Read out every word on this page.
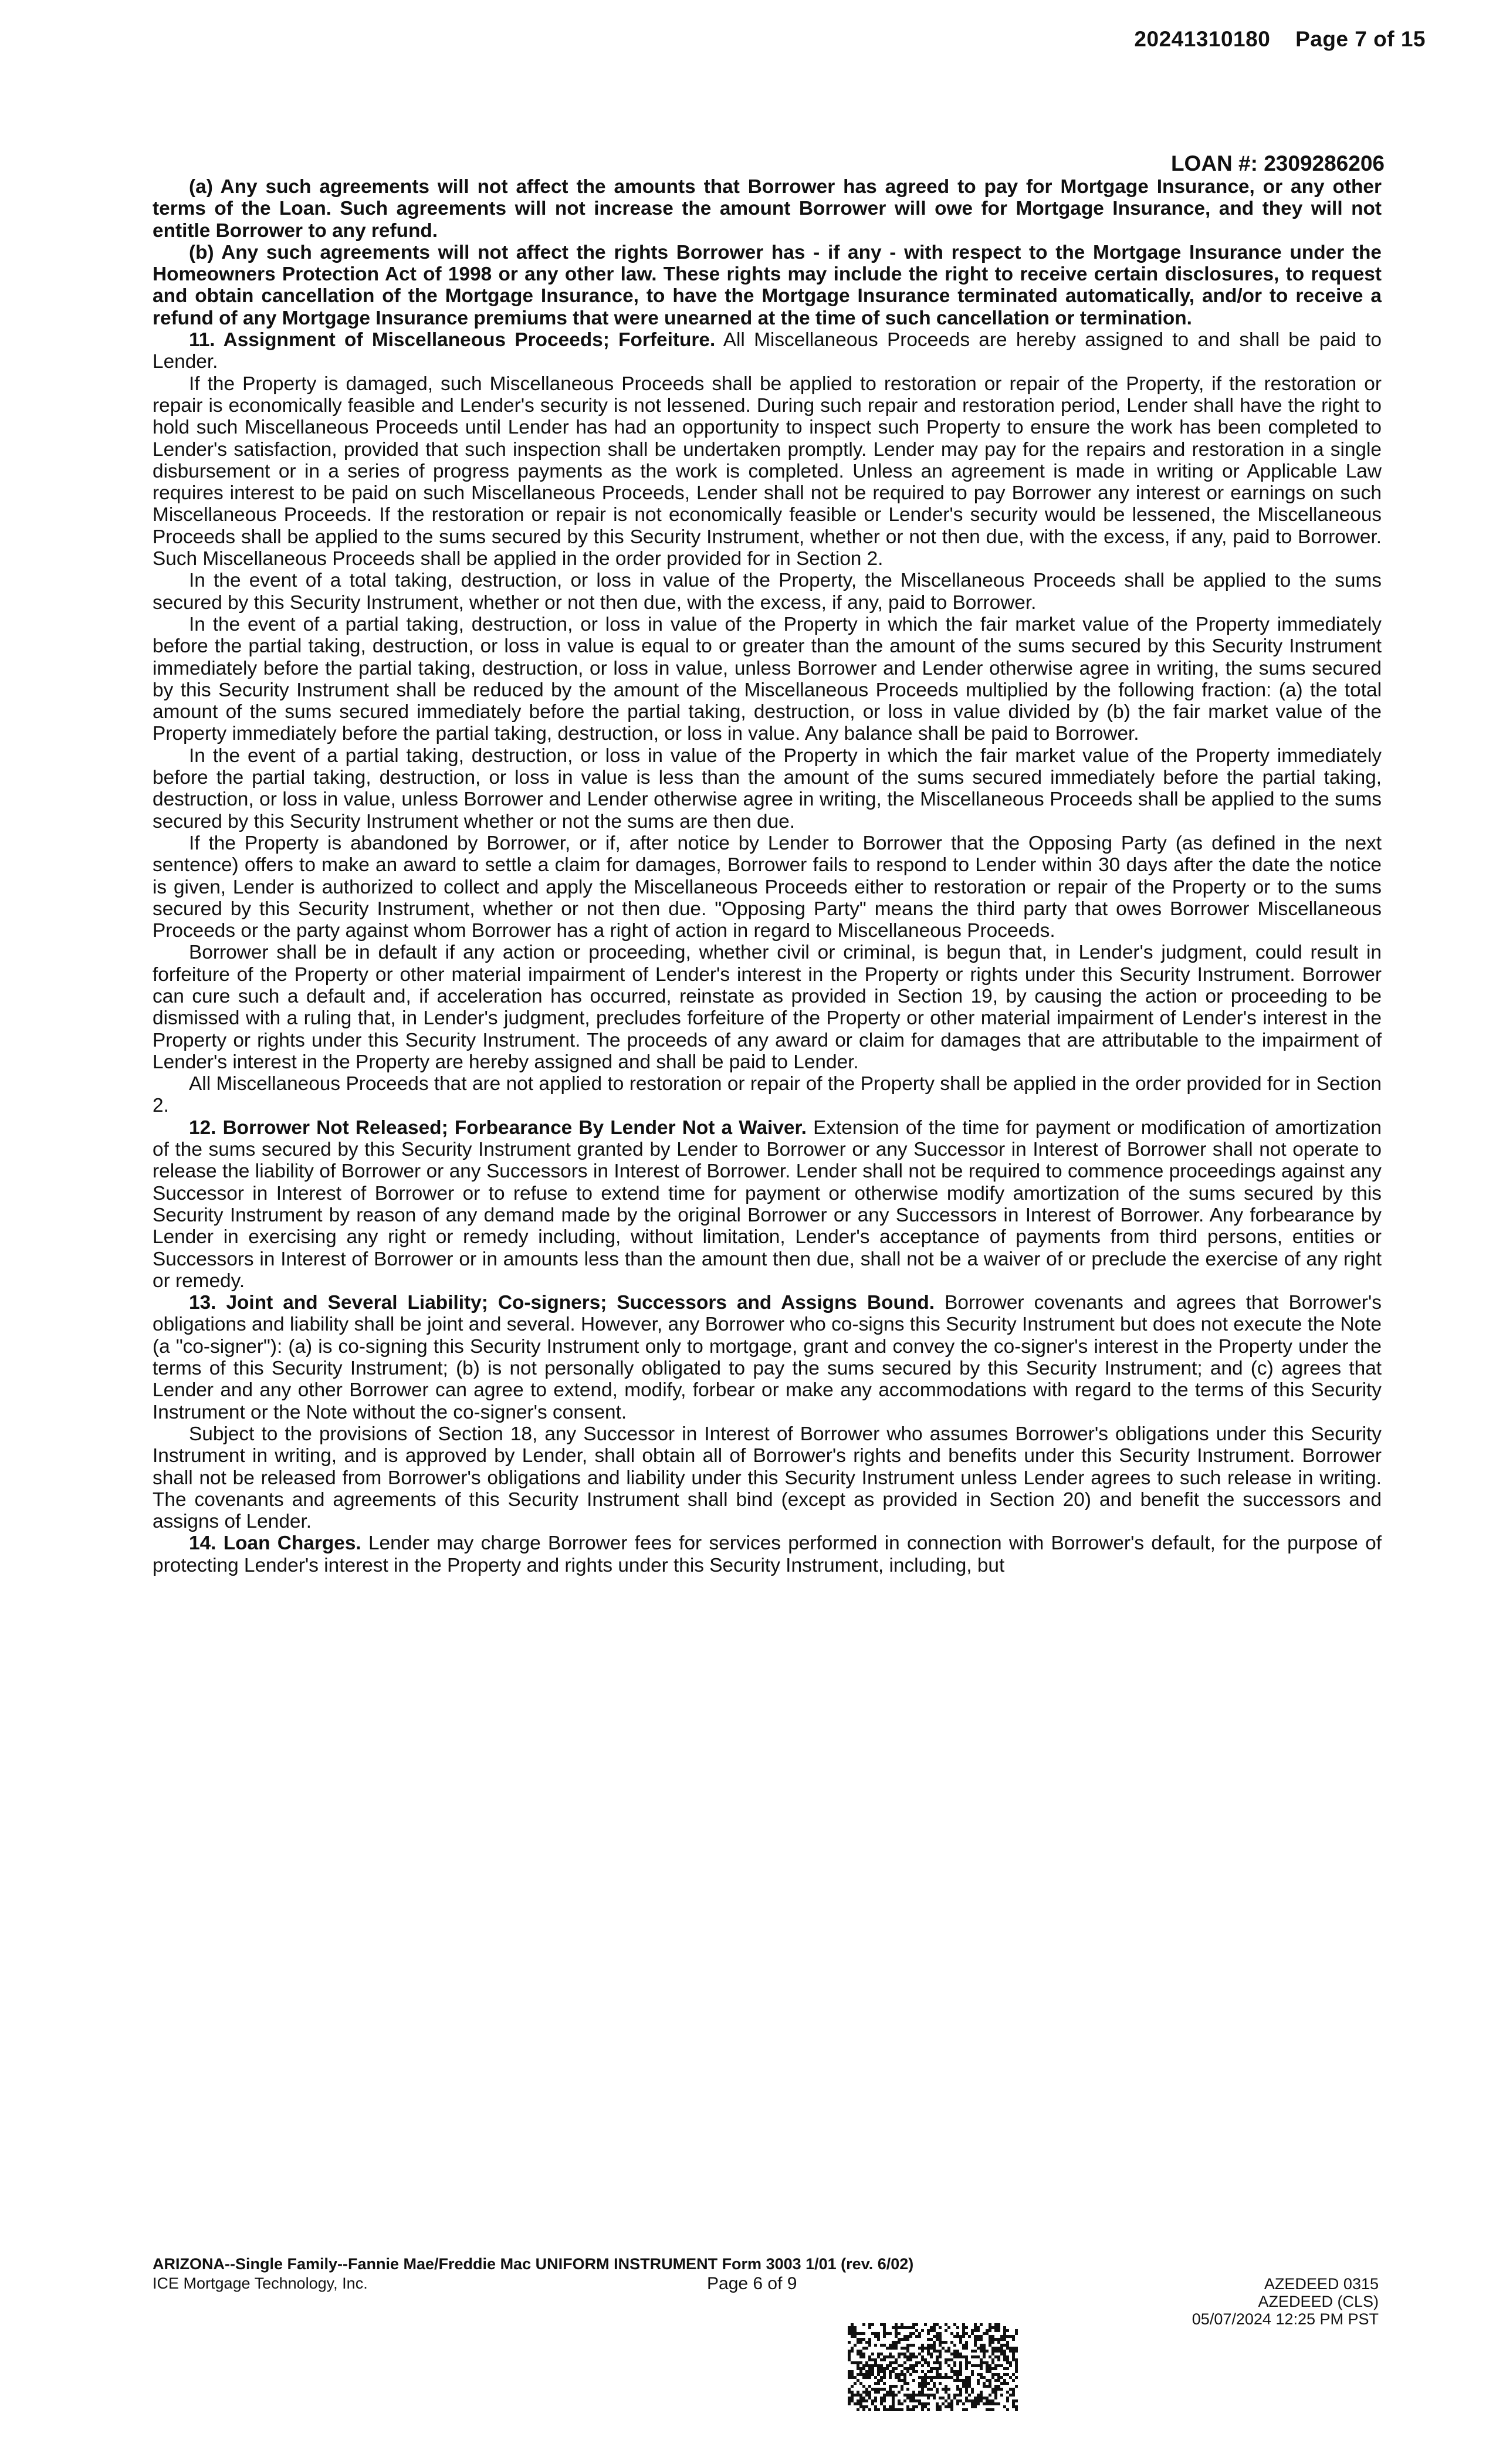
20241310180 Page 7 of 15
LOAN #: 2309286206

(a) Any such agreements will not affect the amounts that Borrower has agreed to pay for Mortgage Insurance, or any other terms of the Loan. Such agreements will not increase the amount Borrower will owe for Mortgage Insurance, and they will not entitle Borrower to any refund.

(b) Any such agreements will not affect the rights Borrower has - if any - with respect to the Mortgage Insurance under the Homeowners Protection Act of 1998 or any other law. These rights may include the right to receive certain disclosures, to request and obtain cancellation of the Mortgage Insurance, to have the Mortgage Insurance terminated automatically, and/or to receive a refund of any Mortgage Insurance premiums that were unearned at the time of such cancellation or termination.

11. Assignment of Miscellaneous Proceeds; Forfeiture. All Miscellaneous Proceeds are hereby assigned to and shall be paid to Lender.

If the Property is damaged, such Miscellaneous Proceeds shall be applied to restoration or repair of the Property, if the restoration or repair is economically feasible and Lender's security is not lessened. During such repair and restoration period, Lender shall have the right to hold such Miscellaneous Proceeds until Lender has had an opportunity to inspect such Property to ensure the work has been completed to Lender's satisfaction, provided that such inspection shall be undertaken promptly. Lender may pay for the repairs and restoration in a single disbursement or in a series of progress payments as the work is completed. Unless an agreement is made in writing or Applicable Law requires interest to be paid on such Miscellaneous Proceeds, Lender shall not be required to pay Borrower any interest or earnings on such Miscellaneous Proceeds. If the restoration or repair is not economically feasible or Lender's security would be lessened, the Miscellaneous Proceeds shall be applied to the sums secured by this Security Instrument, whether or not then due, with the excess, if any, paid to Borrower. Such Miscellaneous Proceeds shall be applied in the order provided for in Section 2.

In the event of a total taking, destruction, or loss in value of the Property, the Miscellaneous Proceeds shall be applied to the sums secured by this Security Instrument, whether or not then due, with the excess, if any, paid to Borrower.

In the event of a partial taking, destruction, or loss in value of the Property in which the fair market value of the Property immediately before the partial taking, destruction, or loss in value is equal to or greater than the amount of the sums secured by this Security Instrument immediately before the partial taking, destruction, or loss in value, unless Borrower and Lender otherwise agree in writing, the sums secured by this Security Instrument shall be reduced by the amount of the Miscellaneous Proceeds multiplied by the following fraction: (a) the total amount of the sums secured immediately before the partial taking, destruction, or loss in value divided by (b) the fair market value of the Property immediately before the partial taking, destruction, or loss in value. Any balance shall be paid to Borrower.

In the event of a partial taking, destruction, or loss in value of the Property in which the fair market value of the Property immediately before the partial taking, destruction, or loss in value is less than the amount of the sums secured immediately before the partial taking, destruction, or loss in value, unless Borrower and Lender otherwise agree in writing, the Miscellaneous Proceeds shall be applied to the sums secured by this Security Instrument whether or not the sums are then due.

If the Property is abandoned by Borrower, or if, after notice by Lender to Borrower that the Opposing Party (as defined in the next sentence) offers to make an award to settle a claim for damages, Borrower fails to respond to Lender within 30 days after the date the notice is given, Lender is authorized to collect and apply the Miscellaneous Proceeds either to restoration or repair of the Property or to the sums secured by this Security Instrument, whether or not then due. "Opposing Party" means the third party that owes Borrower Miscellaneous Proceeds or the party against whom Borrower has a right of action in regard to Miscellaneous Proceeds.

Borrower shall be in default if any action or proceeding, whether civil or criminal, is begun that, in Lender's judgment, could result in forfeiture of the Property or other material impairment of Lender's interest in the Property or rights under this Security Instrument. Borrower can cure such a default and, if acceleration has occurred, reinstate as provided in Section 19, by causing the action or proceeding to be dismissed with a ruling that, in Lender's judgment, precludes forfeiture of the Property or other material impairment of Lender's interest in the Property or rights under this Security Instrument. The proceeds of any award or claim for damages that are attributable to the impairment of Lender's interest in the Property are hereby assigned and shall be paid to Lender.

All Miscellaneous Proceeds that are not applied to restoration or repair of the Property shall be applied in the order provided for in Section 2.

12. Borrower Not Released; Forbearance By Lender Not a Waiver. Extension of the time for payment or modification of amortization of the sums secured by this Security Instrument granted by Lender to Borrower or any Successor in Interest of Borrower shall not operate to release the liability of Borrower or any Successors in Interest of Borrower. Lender shall not be required to commence proceedings against any Successor in Interest of Borrower or to refuse to extend time for payment or otherwise modify amortization of the sums secured by this Security Instrument by reason of any demand made by the original Borrower or any Successors in Interest of Borrower. Any forbearance by Lender in exercising any right or remedy including, without limitation, Lender's acceptance of payments from third persons, entities or Successors in Interest of Borrower or in amounts less than the amount then due, shall not be a waiver of or preclude the exercise of any right or remedy.

13. Joint and Several Liability; Co-signers; Successors and Assigns Bound. Borrower covenants and agrees that Borrower's obligations and liability shall be joint and several. However, any Borrower who co-signs this Security Instrument but does not execute the Note (a "co-signer"): (a) is co-signing this Security Instrument only to mortgage, grant and convey the co-signer's interest in the Property under the terms of this Security Instrument; (b) is not personally obligated to pay the sums secured by this Security Instrument; and (c) agrees that Lender and any other Borrower can agree to extend, modify, forbear or make any accommodations with regard to the terms of this Security Instrument or the Note without the co-signer's consent.

Subject to the provisions of Section 18, any Successor in Interest of Borrower who assumes Borrower's obligations under this Security Instrument in writing, and is approved by Lender, shall obtain all of Borrower's rights and benefits under this Security Instrument. Borrower shall not be released from Borrower's obligations and liability under this Security Instrument unless Lender agrees to such release in writing. The covenants and agreements of this Security Instrument shall bind (except as provided in Section 20) and benefit the successors and assigns of Lender.

14. Loan Charges. Lender may charge Borrower fees for services performed in connection with Borrower's default, for the purpose of protecting Lender's interest in the Property and rights under this Security Instrument, including, but

ARIZONA--Single Family--Fannie Mae/Freddie Mac UNIFORM INSTRUMENT Form 3003 1/01 (rev. 6/02)
ICE Mortgage Technology, Inc.	Page 6 of 9	AZEDEED 0315
AZEDEED (CLS)
05/07/2024 12:25 PM PST
